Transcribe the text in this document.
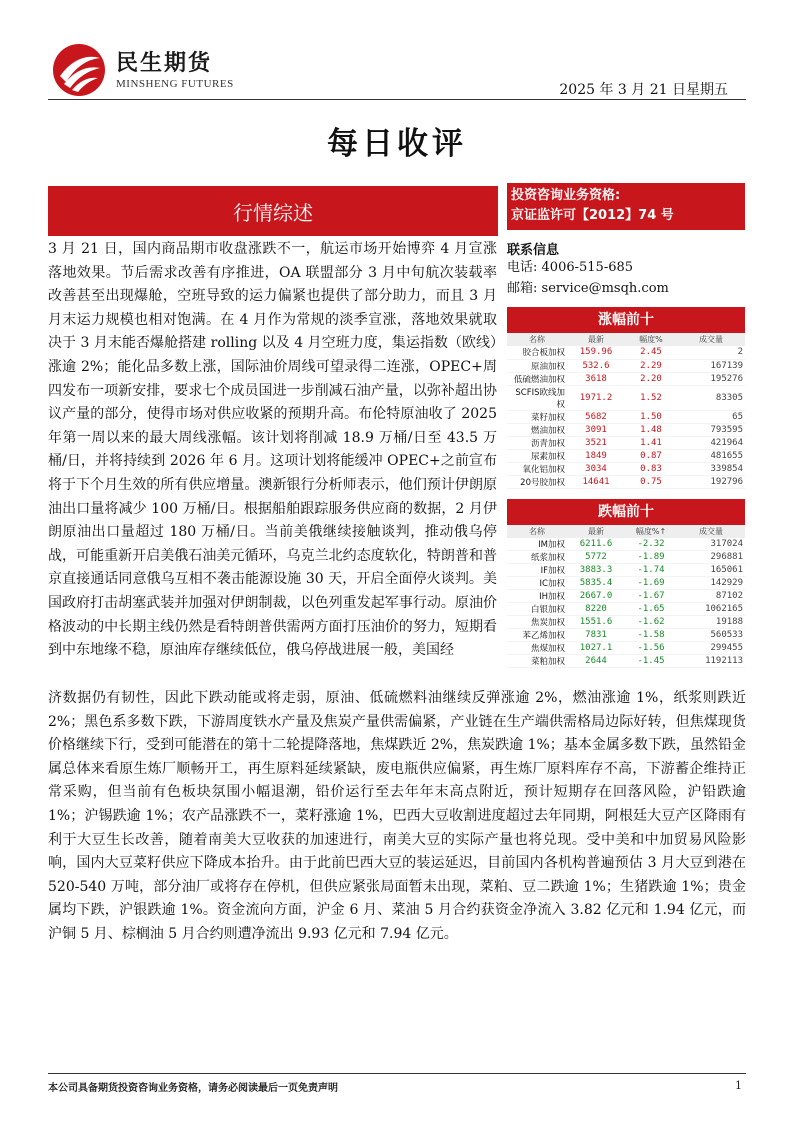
民生期货
MINSHENG FUTURES	2025 年 3 月 21 日星期五
每日收评
行情综述
3 月 21 日，国内商品期市收盘涨跌不一，航运市场开始博弈 4 月宣涨落地效果。节后需求改善有序推进，OA 联盟部分 3 月中旬航次装载率改善甚至出现爆舱，空班导致的运力偏紧也提供了部分助力，而且 3 月月末运力规模也相对饱满。在 4 月作为常规的淡季宣涨，落地效果就取决于 3 月末能否爆舱搭建 rolling 以及 4 月空班力度，集运指数（欧线）涨逾 2%；能化品多数上涨，国际油价周线可望录得二连涨，OPEC+周四发布一项新安排，要求七个成员国进一步削减石油产量，以弥补超出协议产量的部分，使得市场对供应收紧的预期升高。布伦特原油收了 2025 年第一周以来的最大周线涨幅。该计划将削减 18.9 万桶/日至 43.5 万桶/日，并将持续到 2026 年 6 月。这项计划将能缓冲 OPEC+之前宣布将于下个月生效的所有供应增量。澳新银行分析师表示，他们预计伊朗原油出口量将减少 100 万桶/日。根据船舶跟踪服务供应商的数据，2 月伊朗原油出口量超过 180 万桶/日。当前美俄继续接触谈判，推动俄乌停战，可能重新开启美俄石油美元循环，乌克兰北约态度软化，特朗普和普京直接通话同意俄乌互相不袭击能源设施 30 天，开启全面停火谈判。美国政府打击胡塞武装并加强对伊朗制裁，以色列重发起军事行动。原油价格波动的中长期主线仍然是看特朗普供需两方面打压油价的努力，短期看到中东地缘不稳，原油库存继续低位，俄乌停战进展一般，美国经
济数据仍有韧性，因此下跌动能或将走弱，原油、低硫燃料油继续反弹涨逾 2%，燃油涨逾 1%，纸浆则跌近 2%；黑色系多数下跌，下游周度铁水产量及焦炭产量供需偏紧，产业链在生产端供需格局边际好转，但焦煤现货价格继续下行，受到可能潜在的第十二轮提降落地，焦煤跌近 2%，焦炭跌逾 1%；基本金属多数下跌，虽然铅金属总体来看原生炼厂顺畅开工，再生原料延续紧缺，废电瓶供应偏紧，再生炼厂原料库存不高，下游蓄企维持正常采购，但当前有色板块氛围小幅退潮，铅价运行至去年年末高点附近，预计短期存在回落风险，沪铅跌逾 1%；沪锡跌逾 1%；农产品涨跌不一，菜籽涨逾 1%，巴西大豆收割进度超过去年同期，阿根廷大豆产区降雨有利于大豆生长改善，随着南美大豆收获的加速进行，南美大豆的实际产量也将兑现。受中美和中加贸易风险影响，国内大豆菜籽供应下降成本抬升。由于此前巴西大豆的装运延迟，目前国内各机构普遍预估 3 月大豆到港在 520-540 万吨，部分油厂或将存在停机，但供应紧张局面暂未出现，菜粕、豆二跌逾 1%；生猪跌逾 1%；贵金属均下跌，沪银跌逾 1%。资金流向方面，沪金 6 月、菜油 5 月合约获资金净流入 3.82 亿元和 1.94 亿元，而沪铜 5 月、棕榈油 5 月合约则遭净流出 9.93 亿元和 7.94 亿元。
投资咨询业务资格:
京证监许可【2012】74 号
联系信息
电话: 4006-515-685
邮箱: service@msqh.com
涨幅前十
名称	最新	幅度%	成交量
胶合板加权	159.96	2.45	2
原油加权	532.6	2.29	167139
低硫燃油加权	3618	2.20	195276
SCFIS欧线加权	1971.2	1.52	83305
菜籽加权	5682	1.50	65
燃油加权	3091	1.48	793595
沥青加权	3521	1.41	421964
尿素加权	1849	0.87	481655
氧化铝加权	3034	0.83	339854
20号胶加权	14641	0.75	192796
跌幅前十
名称	最新	幅度%↑	成交量
IM加权	6211.6	-2.32	317024
纸浆加权	5772	-1.89	296881
IF加权	3883.3	-1.74	165061
IC加权	5835.4	-1.69	142929
IH加权	2667.0	-1.67	87102
白银加权	8220	-1.65	1062165
焦炭加权	1551.6	-1.62	19188
苯乙烯加权	7831	-1.58	560533
焦煤加权	1027.1	-1.56	299455
菜粕加权	2644	-1.45	1192113
本公司具备期货投资咨询业务资格，请务必阅读最后一页免责声明	1
